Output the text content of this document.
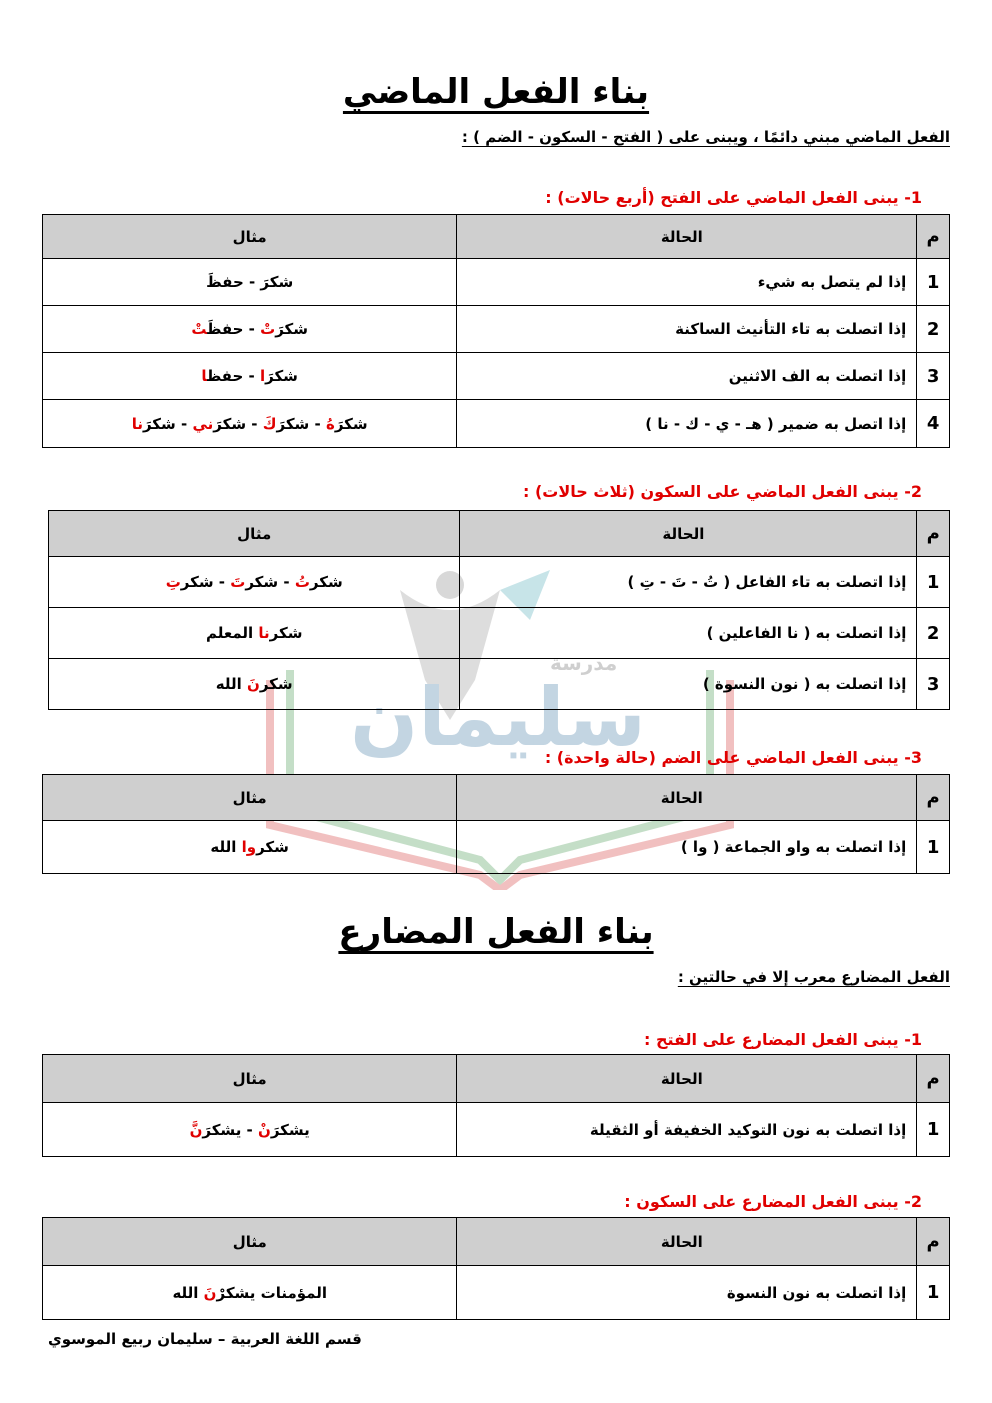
مدرسة
سليمان
بناء الفعل الماضي
الفعل الماضي مبني دائمًا ، ويبنى على ( الفتح - السكون - الضم ) :
1- يبنى الفعل الماضي على الفتح (أربع حالات) :
م	الحالة	مثال
1	إذا لم يتصل به شيء	شكرَ - حفظَ
2	إذا اتصلت به تاء التأنيث الساكنة	شكرَتْ - حفظَتْ
3	إذا اتصلت به الف الاثنين	شكرَا - حفظا
4	إذا اتصل به ضمير ( هـ - ي - ك - نا )	شكرَهُ - شكرَكَ - شكرَني - شكرَنا
2- يبنى الفعل الماضي على السكون (ثلاث حالات) :
م	الحالة	مثال
1	إذا اتصلت به تاء الفاعل ( تُ - تَ - تِ )	شكرتُ - شكرتَ - شكرتِ
2	إذا اتصلت به ( نا الفاعلين )	شكرنا المعلم
3	إذا اتصلت به ( نون النسوة )	شكرنَ الله
3- يبنى الفعل الماضي على الضم (حالة واحدة) :
م	الحالة	مثال
1	إذا اتصلت به واو الجماعة ( وا )	شكروا الله
بناء الفعل المضارع
الفعل المضارع معرب إلا في حالتين :
1- يبنى الفعل المضارع على الفتح :
م	الحالة	مثال
1	إذا اتصلت به نون التوكيد الخفيفة أو الثقيلة	يشكرَنْ - يشكرَنَّ
2- يبنى الفعل المضارع على السكون :
م	الحالة	مثال
1	إذا اتصلت به نون النسوة	المؤمنات يشكرْنَ الله
قسم اللغة العربية – سليمان ربيع الموسوي
